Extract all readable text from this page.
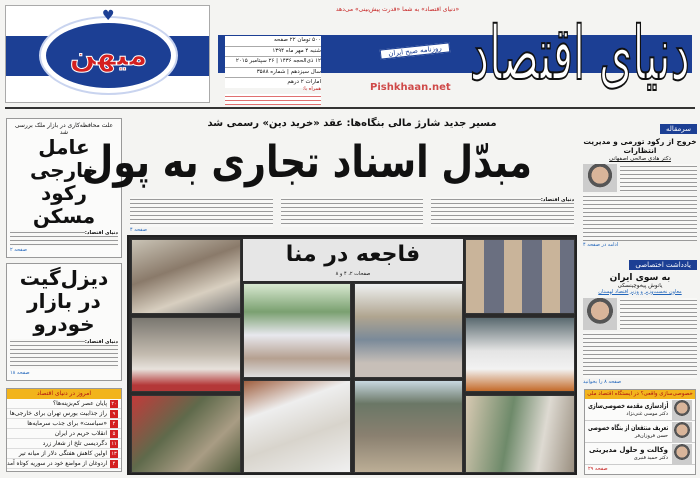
دنیای اقتصاد
«دنیای اقتصاد» به شما «قدرت پیش‌بینی» می‌دهد
روزنامه صبح ایران
Pishkhaan.net
۵۰۰ تومان ۲۲ صفحه
شنبه ۴ مهر ماه ۱۳۹۴
۱۲ ذی‌الحجه ۱۴۳۶ | ۲۶ سپتامبر ۲۰۱۵
سال سیزدهم | شماره ۳۵۸۸
امارات ۲ درهم
همراه با:
میهن
♥
علت محافظه‌کاری در بازار ملک بررسی شد
عامل خارجی رکود مسکن
دنیای اقتصاد:
صفحه ۲
دیزل‌گیت در بازار خودرو
دنیای اقتصاد:
صفحه ۱۸
امروز در دنیای اقتصاد
۲۰
پایان عصر کم‌بزینه‌ها؟
۹
راز جذابیت بورس تهران برای خارجی‌ها
۴
«سیاست» برای جذب سرمایه‌ها
۵
انقلاب حریم در ایران
۱۱
دگردیسی تلخ از شعار زرد
۱۳
اولین کاهش هفتگی دلار از میانه تیر
۴
اردوغان از مواضع خود در سوریه کوتاه آمد
مسیر جدید شارژ مالی بنگاه‌ها: عقد «خرید دین» رسمی شد
مبدّل اسناد تجاری به پول
دنیای اقتصاد:
صفحه ۴
فاجعه در منا
صفحات ۲، ۴ و ۸
سرمقاله
خروج از رکود تورمی و مدیریت انتظارات
دکتر هادی صالحی اصفهانی
ادامه در صفحه ۴
یادداشت اختصاصی
به سوی ایران
یانوش پیخوچینسکی
معاون نخست‌وزیر و وزیر اقتصاد لهستان
صفحه ۸ را بخوانید
خصوصی‌سازی واقعی؟ در ایستگاه اقتصاد ملی
آزادسازی مقدمه خصوصی‌سازی
دکتر موسی غنی‌نژاد
تعریف منتفعان از بنگاه خصوصی
حسن فروزان‌فر
وکالت و حلول مدیریتی
دکتر حمید قنبری
صفحه ۲۹
